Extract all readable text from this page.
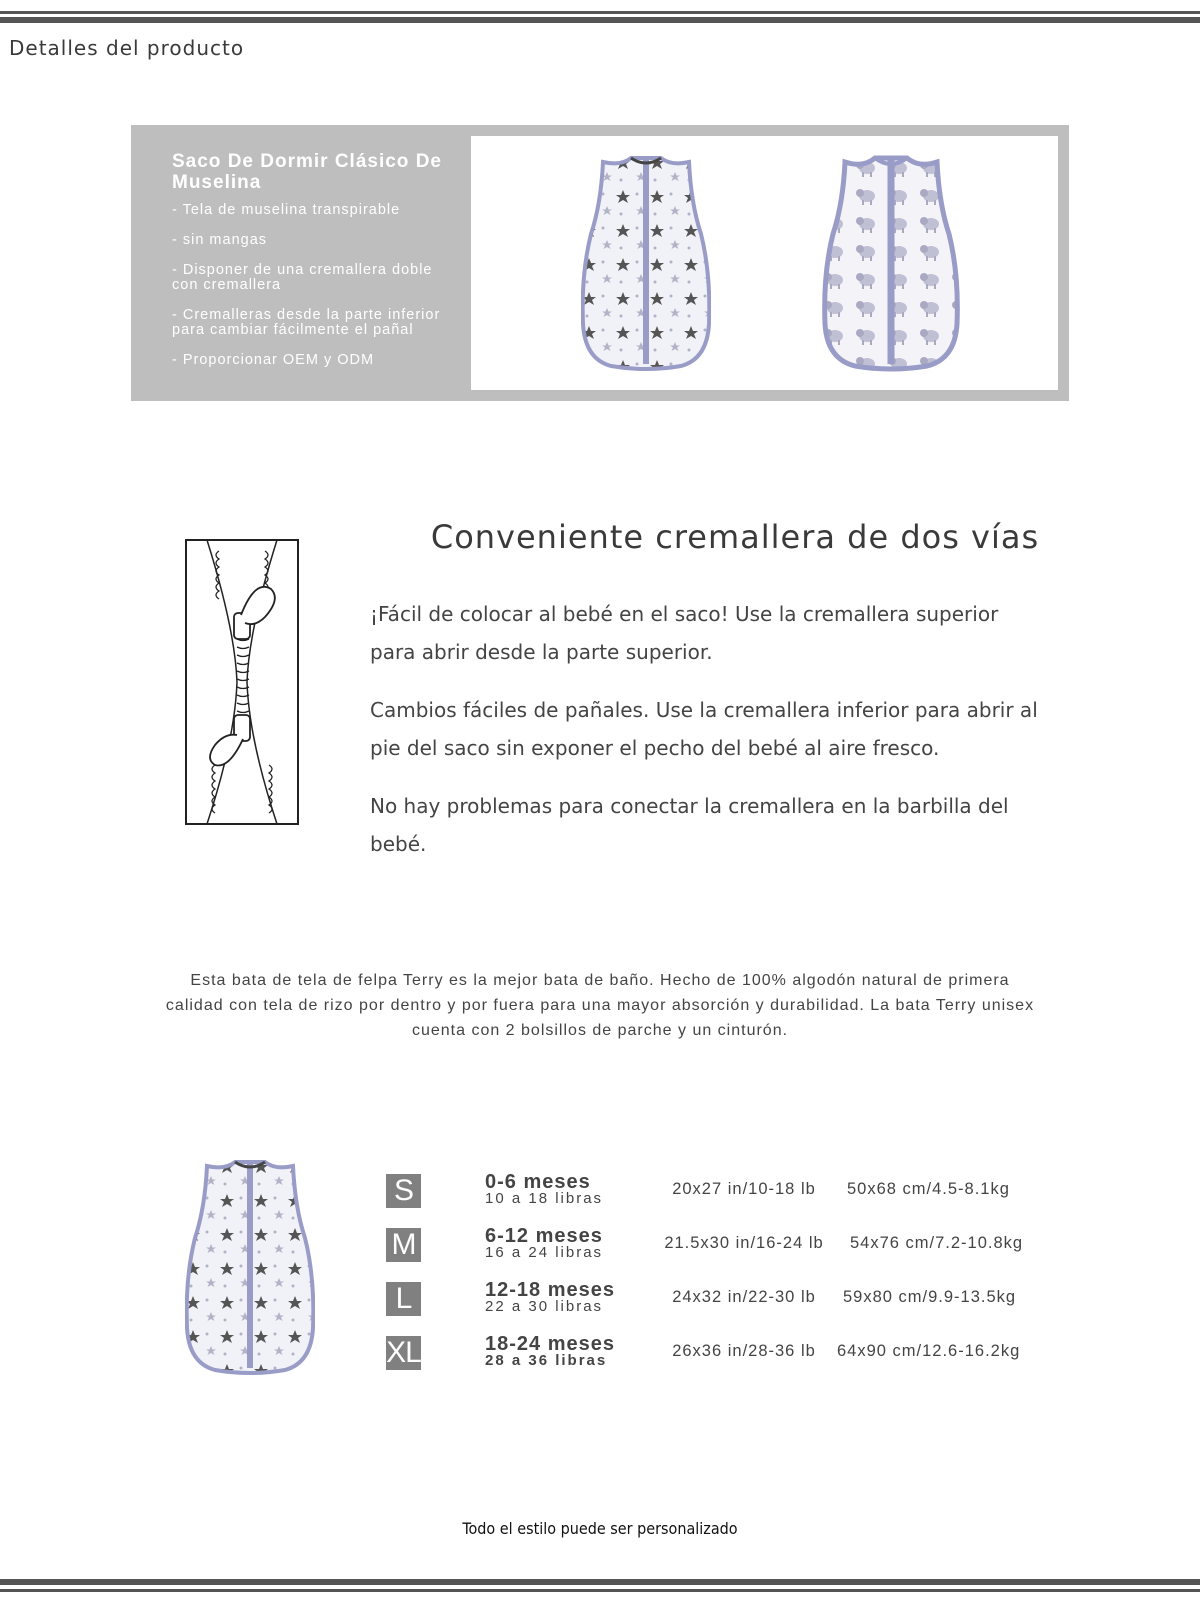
Detalles del producto
Saco De Dormir Clásico De Muselina
- Tela de muselina transpirable
- sin mangas
- Disponer de una cremallera doble con cremallera
- Cremalleras desde la parte inferior para cambiar fácilmente el pañal
- Proporcionar OEM y ODM
Conveniente cremallera de dos vías

¡Fácil de colocar al bebé en el saco! Use la cremallera superior para abrir desde la parte superior.

Cambios fáciles de pañales. Use la cremallera inferior para abrir al pie del saco sin exponer el pecho del bebé al aire fresco.

No hay problemas para conectar la cremallera en la barbilla del bebé.

Esta bata de tela de felpa Terry es la mejor bata de baño. Hecho de 100% algodón natural de primera calidad con tela de rizo por dentro y por fuera para una mayor absorción y durabilidad. La bata Terry unisex cuenta con 2 bolsillos de parche y un cinturón.

S	0-6 meses
10 a 18 libras
20x27 in/10-18 lb	50x68 cm/4.5-8.1kg
M	6-12 meses
16 a 24 libras
21.5x30 in/16-24 lb	54x76 cm/7.2-10.8kg
L	12-18 meses
22 a 30 libras
24x32 in/22-30 lb	59x80 cm/9.9-13.5kg
XL	18-24 meses
28 a 36 libras
26x36 in/28-36 lb	64x90 cm/12.6-16.2kg

Todo el estilo puede ser personalizado
